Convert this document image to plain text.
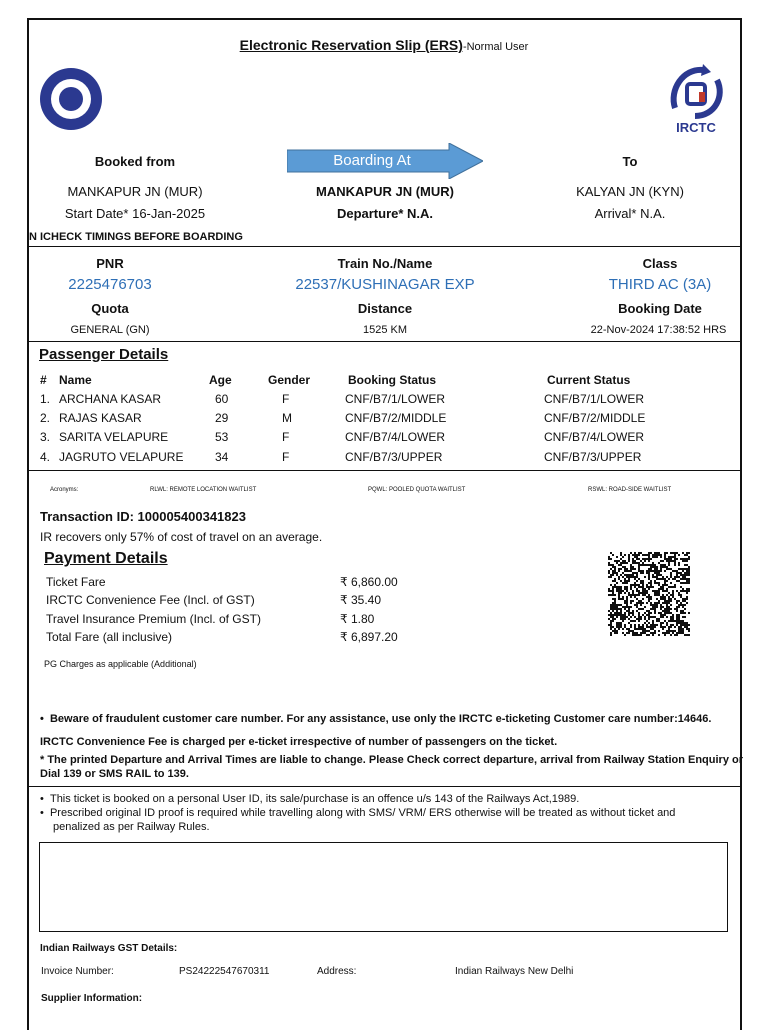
Electronic Reservation Slip (ERS)-Normal User
IRCTC
Booked from	Boarding At	To
MANKAPUR JN (MUR)	MANKAPUR JN (MUR)	KALYAN JN (KYN)
Start Date* 16-Jan-2025	Departure* N.A.	Arrival* N.A.
N ICHECK TIMINGS BEFORE BOARDING
PNR	Train No./Name	Class
2225476703	22537/KUSHINAGAR EXP	THIRD AC (3A)
Quota	Distance	Booking Date
GENERAL (GN)	1525 KM	22-Nov-2024 17:38:52 HRS
Passenger Details
# Name	Age	Gender	Booking Status	Current Status
1. ARCHANA KASAR	60	F	CNF/B7/1/LOWER	CNF/B7/1/LOWER
2. RAJAS KASAR	29	M	CNF/B7/2/MIDDLE	CNF/B7/2/MIDDLE
3. SARITA VELAPURE	53	F	CNF/B7/4/LOWER	CNF/B7/4/LOWER
4. JAGRUTO VELAPURE	34	F	CNF/B7/3/UPPER	CNF/B7/3/UPPER
Acronyms:	RLWL: REMOTE LOCATION WAITLIST	PQWL: POOLED QUOTA WAITLIST	RSWL: ROAD-SIDE WAITLIST
Transaction ID: 100005400341823
IR recovers only 57% of cost of travel on an average.
Payment Details
Ticket Fare	₹ 6,860.00
IRCTC Convenience Fee (Incl. of GST)	₹ 35.40
Travel Insurance Premium (Incl. of GST)	₹ 1.80
Total Fare (all inclusive)	₹ 6,897.20
PG Charges as applicable (Additional)
•  Beware of fraudulent customer care number. For any assistance, use only the IRCTC e-ticketing Customer care number:14646.
IRCTC Convenience Fee is charged per e-ticket irrespective of number of passengers on the ticket.
* The printed Departure and Arrival Times are liable to change. Please Check correct departure, arrival from Railway Station Enquiry or
Dial 139 or SMS RAIL to 139.
•  This ticket is booked on a personal User ID, its sale/purchase is an offence u/s 143 of the Railways Act,1989.
•  Prescribed original ID proof is required while travelling along with SMS/ VRM/ ERS otherwise will be treated as without ticket and
penalized as per Railway Rules.
Indian Railways GST Details:
Invoice Number:	PS24222547670311	Address:	Indian Railways New Delhi
Supplier Information:
